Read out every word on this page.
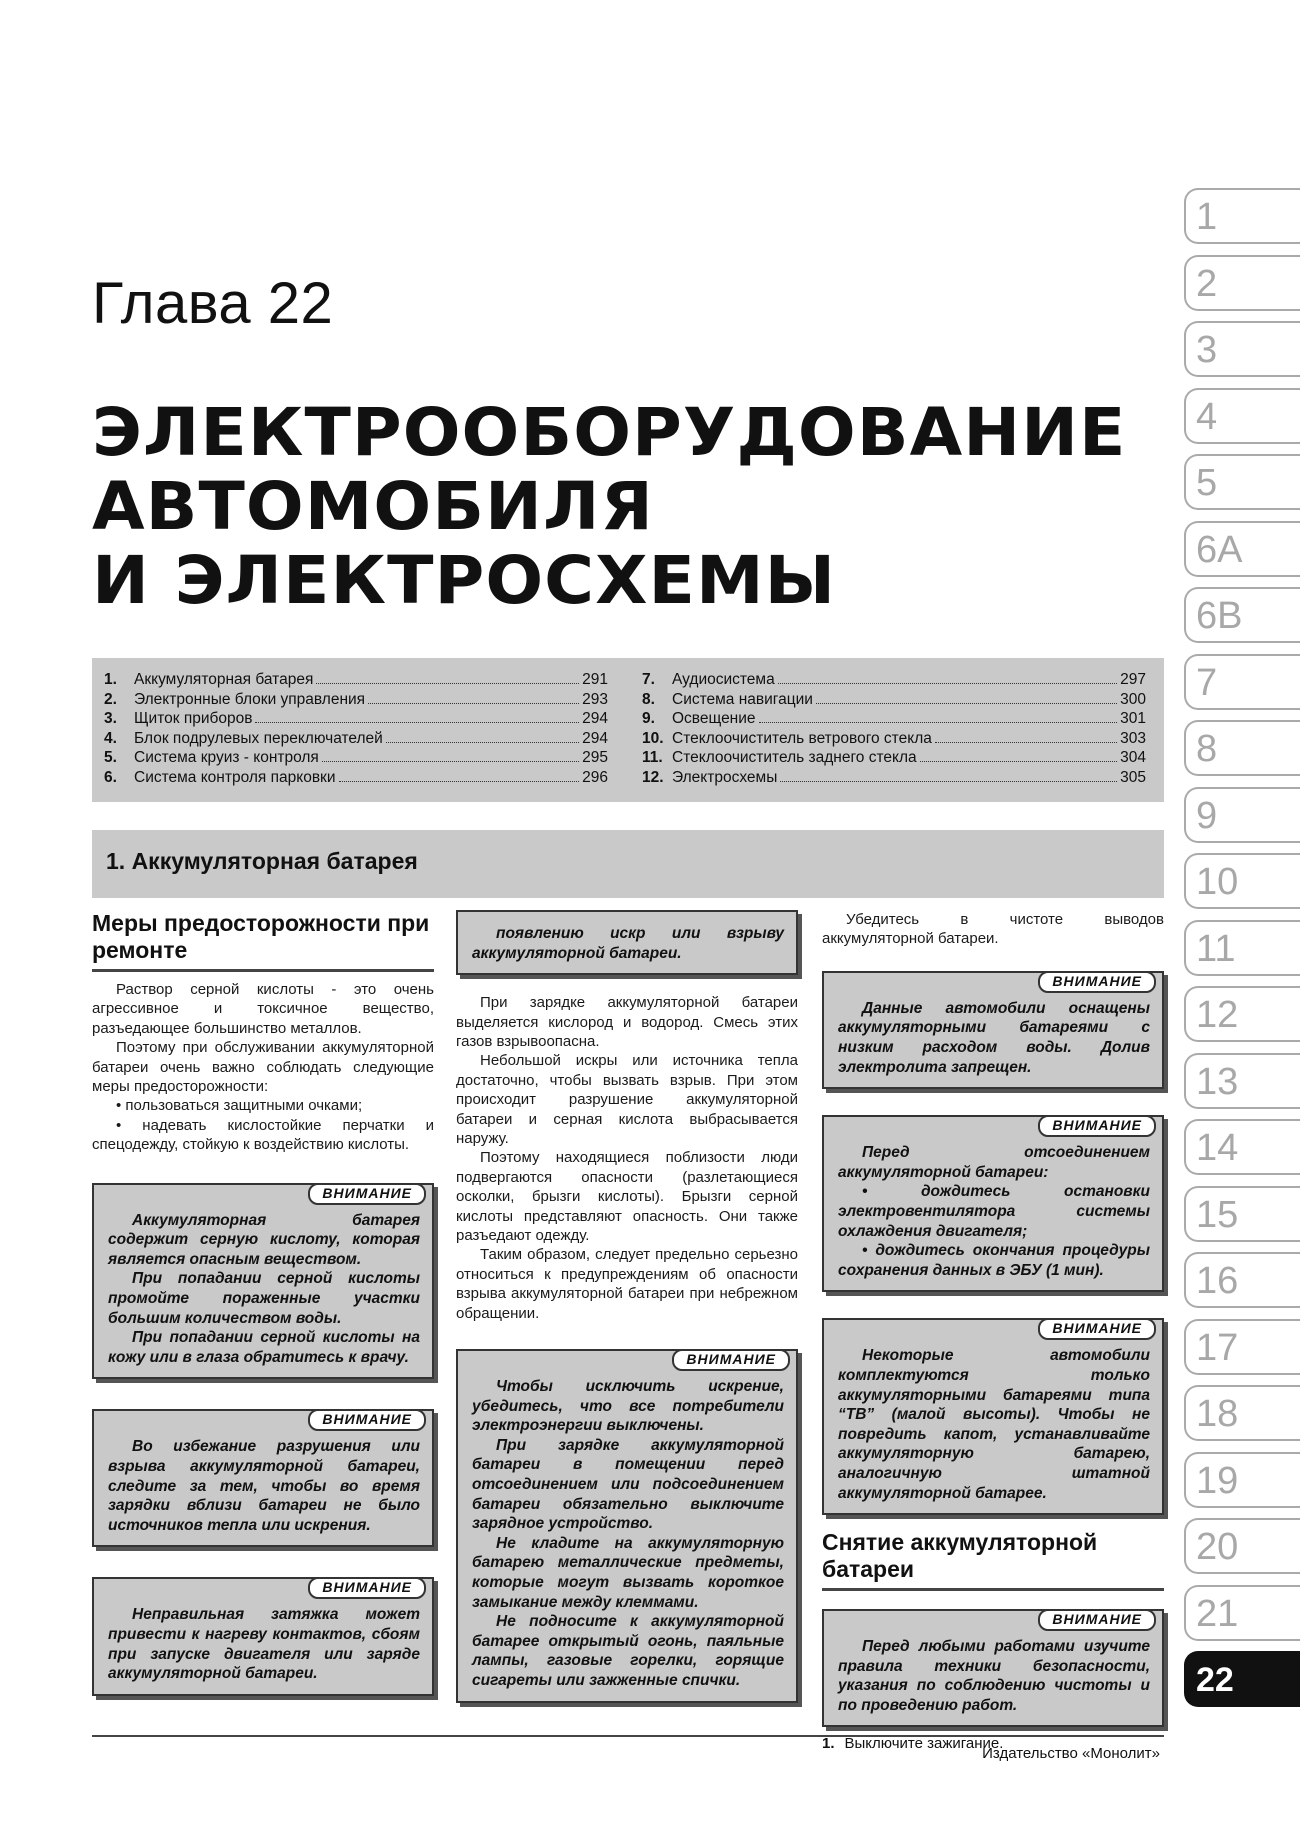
Глава 22
ЭЛЕКТРООБОРУДОВАНИЕ
АВТОМОБИЛЯ
И ЭЛЕКТРОСХЕМЫ
1.	Аккумуляторная батарея	291
2.	Электронные блоки управления	293
3.	Щиток приборов	294
4.	Блок подрулевых переключателей	294
5.	Система круиз - контроля	295
6.	Система контроля парковки	296
7.	Аудиосистема	297
8.	Система навигации	300
9.	Освещение	301
10. Стеклоочиститель ветрового стекла	303
11. Стеклоочиститель заднего стекла	304
12. Электросхемы	305
1. Аккумуляторная батарея
Меры предосторожности при ремонте

Раствор серной кислоты - это очень агрессивное и токсичное вещество, разъедающее большинство металлов.

Поэтому при обслуживании аккумуляторной батареи очень важно соблюдать следующие меры предосторожности:

• пользоваться защитными очками;
• надевать кислостойкие перчатки и спецодежду, стойкую к воздействию кислоты.
ВНИМАНИЕ

Аккумуляторная батарея содержит серную кислоту, которая является опасным веществом.

При попадании серной кислоты промойте пораженные участки большим количеством воды.

При попадании серной кислоты на кожу или в глаза обратитесь к врачу.

ВНИМАНИЕ

Во избежание разрушения или взрыва аккумуляторной батареи, следите за тем, чтобы во время зарядки вблизи батареи не было источников тепла или искрения.

ВНИМАНИЕ

Неправильная затяжка может привести к нагреву контактов, сбоям при запуске двигателя или заряде аккумуляторной батареи.

появлению искр или взрыву аккумуляторной батареи.

При зарядке аккумуляторной батареи выделяется кислород и водород. Смесь этих газов взрывоопасна.

Небольшой искры или источника тепла достаточно, чтобы вызвать взрыв. При этом происходит разрушение аккумуляторной батареи и серная кислота выбрасывается наружу.

Поэтому находящиеся поблизости люди подвергаются опасности (разлетающиеся осколки, брызги кислоты). Брызги серной кислоты представляют опасность. Они также разъедают одежду.

Таким образом, следует предельно серьезно относиться к предупреждениям об опасности взрыва аккумуляторной батареи при небрежном обращении.

ВНИМАНИЕ

Чтобы исключить искрение, убедитесь, что все потребители электроэнергии выключены.

При зарядке аккумуляторной батареи в помещении перед отсоединением или подсоединением батареи обязательно выключите зарядное устройство.

Не кладите на аккумуляторную батарею металлические предметы, которые могут вызвать короткое замыкание между клеммами.

Не подносите к аккумуляторной батарее открытый огонь, паяльные лампы, газовые горелки, горящие сигареты или зажженные спички.

Убедитесь в чистоте выводов аккумуляторной батареи.

ВНИМАНИЕ

Данные автомобили оснащены аккумуляторными батареями с низким расходом воды. Долив электролита запрещен.

ВНИМАНИЕ

Перед отсоединением аккумуляторной батареи:

• дождитесь остановки электровентилятора системы охлаждения двигателя;

• дождитесь окончания процедуры сохранения данных в ЭБУ (1 мин).

ВНИМАНИЕ

Некоторые автомобили комплектуются только аккумуляторными батареями типа “ТВ” (малой высоты). Чтобы не повредить капот, устанавливайте аккумуляторную батарею, аналогичную штатной аккумуляторной батарее.

Снятие аккумуляторной батареи
ВНИМАНИЕ

Перед любыми работами изучите правила техники безопасности, указания по соблюдению чистоты и по проведению работ.

1. Выключите зажигание.
1
2
3
4
5
6A
6B
7
8
9
10
11
12
13
14
15
16
17
18
19
20
21
22
Издательство «Монолит»
